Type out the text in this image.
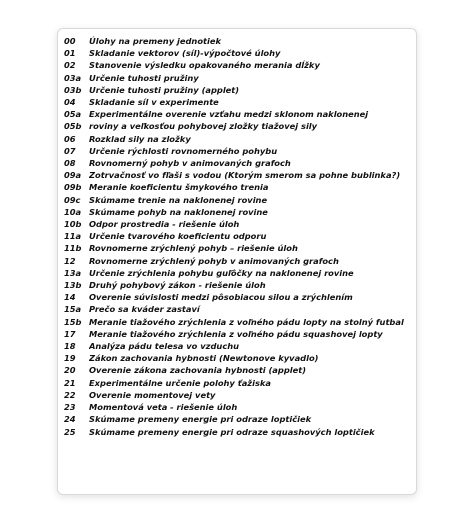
00	Úlohy na premeny jednotiek
01	Skladanie vektorov (síl)-výpočtové úlohy
02	Stanovenie výsledku opakovaného merania dĺžky
03a Určenie tuhosti pružiny
03b Určenie tuhosti pružiny (applet)
04	Skladanie síl v experimente
05a Experimentálne overenie vzťahu medzi sklonom naklonenej
05b roviny a veľkosťou pohybovej zložky tiažovej sily
06	Rozklad sily na zložky
07	Určenie rýchlosti rovnomerného pohybu
08	Rovnomerný pohyb v animovaných grafoch
09a Zotrvačnosť vo fľaši s vodou (Ktorým smerom sa pohne bublinka?)
09b Meranie koeficientu šmykového trenia
09c	Skúmame trenie na naklonenej rovine
10a Skúmame pohyb na naklonenej rovine
10b Odpor prostredia - riešenie úloh
11a Určenie tvarového koeficientu odporu
11b Rovnomerne zrýchlený pohyb – riešenie úloh
12	Rovnomerne zrýchlený pohyb v animovaných grafoch
13a Určenie zrýchlenia pohybu guľôčky na naklonenej rovine
13b Druhý pohybový zákon - riešenie úloh
14	Overenie súvislosti medzi pôsobiacou silou a zrýchlením
15a Prečo sa kváder zastaví
15b Meranie tiažového zrýchlenia z voľného pádu lopty na stolný futbal
17	Meranie tiažového zrýchlenia z voľného pádu squashovej lopty
18	Analýza pádu telesa vo vzduchu
19	Zákon zachovania hybnosti (Newtonove kyvadlo)
20	Overenie zákona zachovania hybnosti (applet)
21	Experimentálne určenie polohy ťažiska
22	Overenie momentovej vety
23	Momentová veta - riešenie úloh
24	Skúmame premeny energie pri odraze loptičiek
25	Skúmame premeny energie pri odraze squashových loptičiek
